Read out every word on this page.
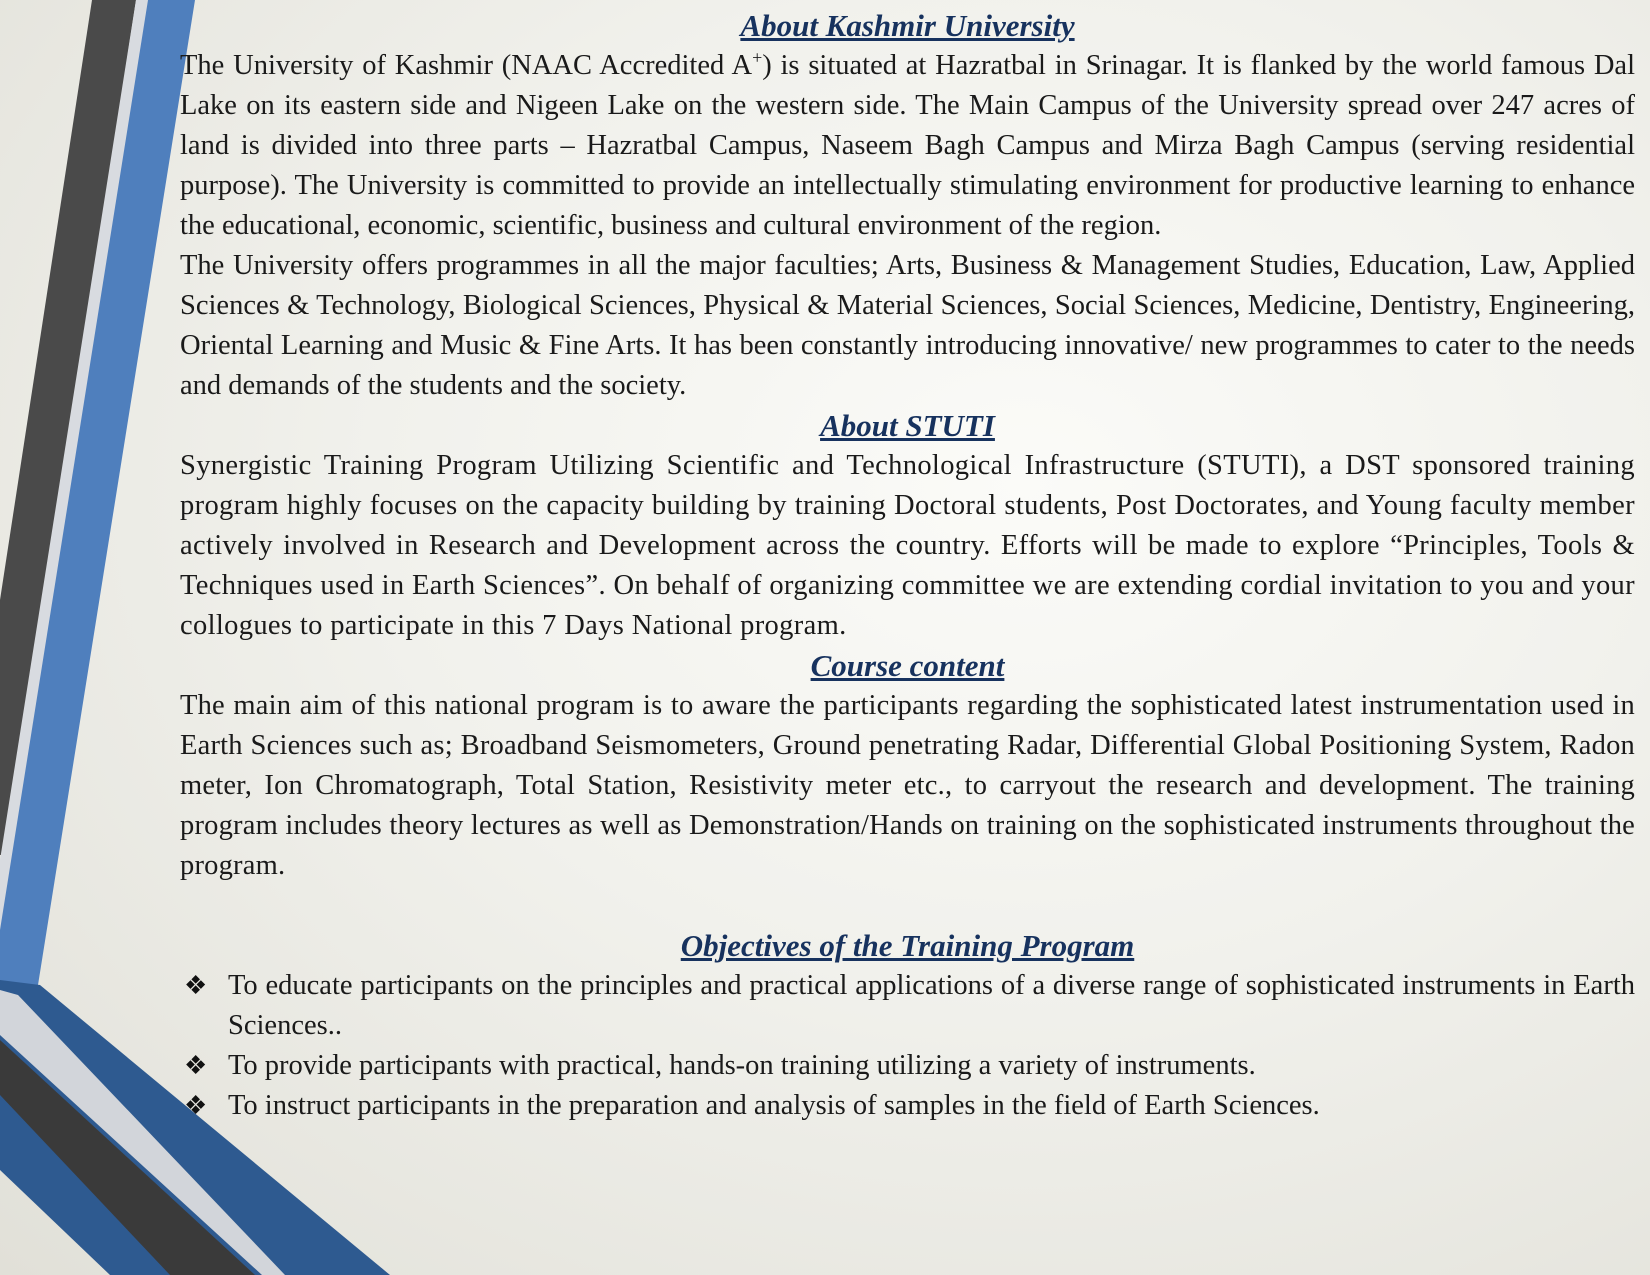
About Kashmir University

The University of Kashmir (NAAC Accredited A+) is situated at Hazratbal in Srinagar. It is flanked by the world famous Dal Lake on its eastern side and Nigeen Lake on the western side. The Main Campus of the University spread over 247 acres of land is divided into three parts – Hazratbal Campus, Naseem Bagh Campus and Mirza Bagh Campus (serving residential purpose). The University is committed to provide an intellectually stimulating environment for productive learning to enhance the educational, economic, scientific, business and cultural environment of the region.

The University offers programmes in all the major faculties; Arts, Business & Management Studies, Education, Law, Applied Sciences & Technology, Biological Sciences, Physical & Material Sciences, Social Sciences, Medicine, Dentistry, Engineering, Oriental Learning and Music & Fine Arts. It has been constantly introducing innovative/ new programmes to cater to the needs and demands of the students and the society.

About STUTI

Synergistic Training Program Utilizing Scientific and Technological Infrastructure (STUTI), a DST sponsored training program highly focuses on the capacity building by training Doctoral students, Post Doctorates, and Young faculty member actively involved in Research and Development across the country. Efforts will be made to explore “Principles, Tools & Techniques used in Earth Sciences”. On behalf of organizing committee we are extending cordial invitation to you and your collogues to participate in this 7 Days National program.

Course content

The main aim of this national program is to aware the participants regarding the sophisticated latest instrumentation used in Earth Sciences such as; Broadband Seismometers, Ground penetrating Radar, Differential Global Positioning System, Radon meter, Ion Chromatograph, Total Station, Resistivity meter etc., to carryout the research and development. The training program includes theory lectures as well as Demonstration/Hands on training on the sophisticated instruments throughout the program.

Objectives of the Training Program
❖ To educate participants on the principles and practical applications of a diverse range of sophisticated instruments in Earth Sciences..
❖ To provide participants with practical, hands-on training utilizing a variety of instruments.
❖ To instruct participants in the preparation and analysis of samples in the field of Earth Sciences.
